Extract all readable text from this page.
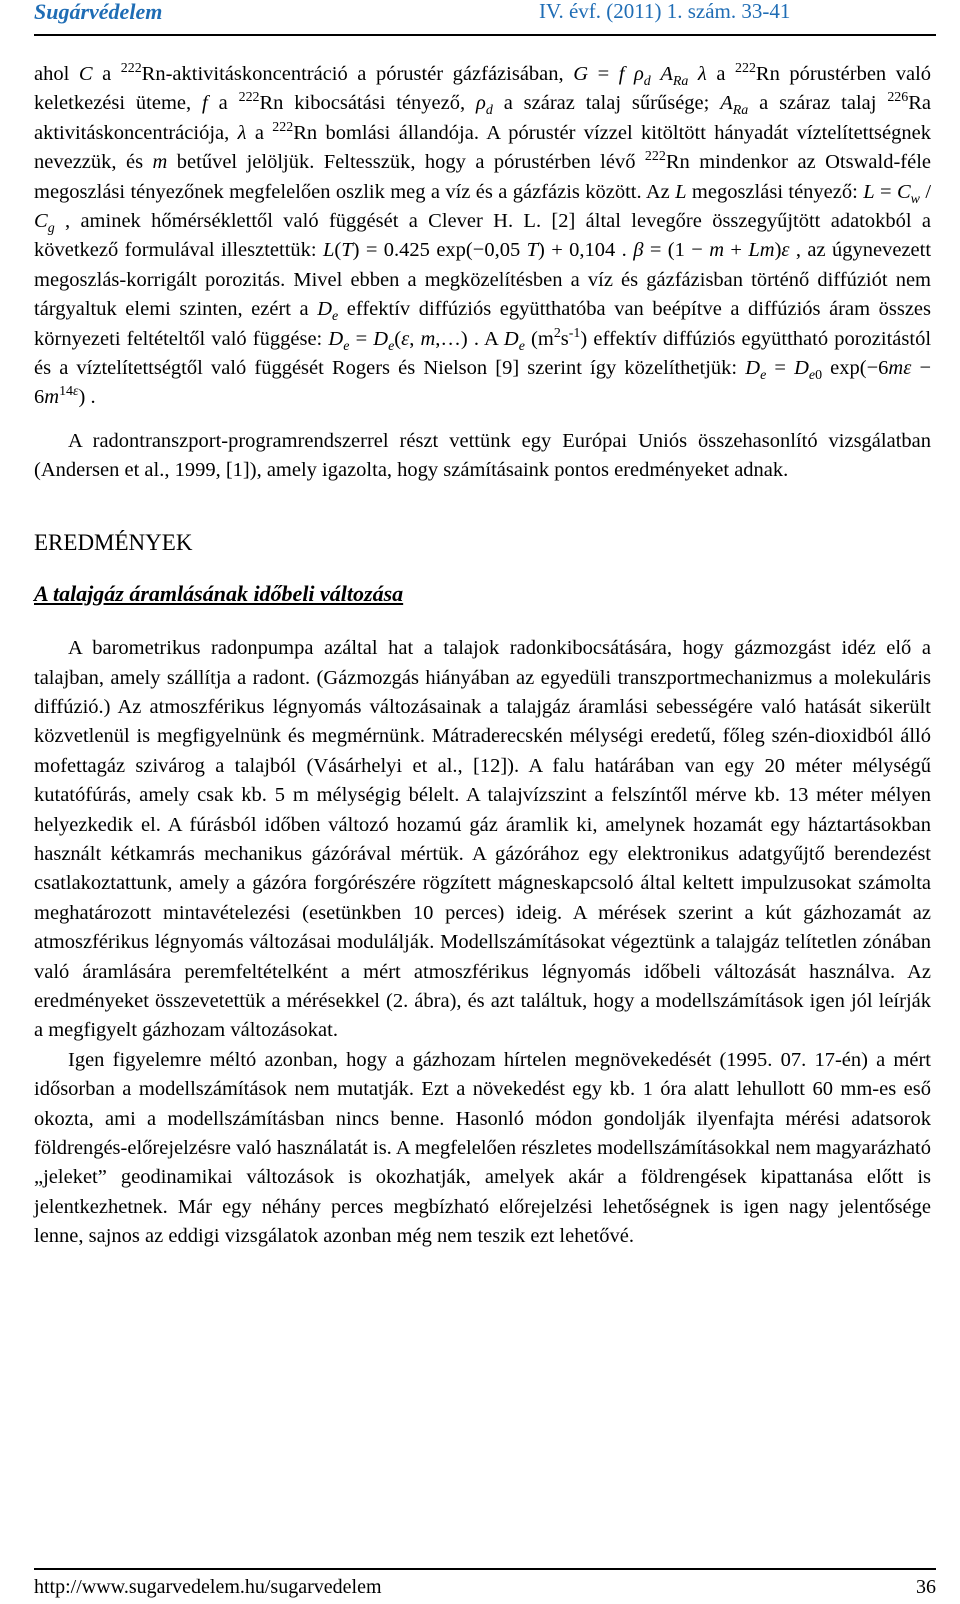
Sugárvédelem	IV. évf. (2011) 1. szám. 33-41

ahol C a $^{222}$Rn-aktivitáskoncentráció a pórustér gázfázisában, G = f $\rho_d$ $A_{Ra}$ λ a $^{222}$Rn pórustérben való keletkezési üteme, f a $^{222}$Rn kibocsátási tényező, $\rho_d$ a száraz talaj sűrűsége; $A_{Ra}$ a száraz talaj $^{226}$Ra aktivitáskoncentrációja, λ a $^{222}$Rn bomlási állandója. A pórustér vízzel kitöltött hányadát víztelítettségnek nevezzük, és m betűvel jelöljük. Feltesszük, hogy a pórustérben lévő $^{222}$Rn mindenkor az Otswald-féle megoszlási tényezőnek megfelelően oszlik meg a víz és a gázfázis között. Az L megoszlási tényező: $L = C_w / C_g$ , aminek hőmérséklettől való függését a Clever H. L. [2] által levegőre összegyűjtött adatokból a következő formulával illesztettük: L(T) = 0.425 exp(−0,05 T) + 0,104 . β = (1 − m + Lm)ε , az úgynevezett megoszlás-korrigált porozitás. Mivel ebben a megközelítésben a víz és gázfázisban történő diffúziót nem tárgyaltuk elemi szinten, ezért a $D_e$ effektív diffúziós együtthatóba van beépítve a diffúziós áram összes környezeti feltételtől való függése: $D_e = D_e(\varepsilon$, m,…) . A $D_e$ $(m^2s^{-1})$ effektív diffúziós együttható porozitástól és a víztelítettségtől való függését Rogers és Nielson [9] szerint így közelíthetjük: $D_e = D_{e0}$ $\exp(-6m\varepsilon - 6m^{14\varepsilon})$ .

A radontranszport-programrendszerrel részt vettünk egy Európai Uniós összehasonlító vizsgálatban (Andersen et al., 1999, [1]), amely igazolta, hogy számításaink pontos eredményeket adnak.

EREDMÉNYEK

A talajgáz áramlásának időbeli változása

A barometrikus radonpumpa azáltal hat a talajok radonkibocsátására, hogy gázmozgást idéz elő a talajban, amely szállítja a radont. (Gázmozgás hiányában az egyedüli transzportmechanizmus a molekuláris diffúzió.) Az atmoszférikus légnyomás változásainak a talajgáz áramlási sebességére való hatását sikerült közvetlenül is megfigyelnünk és megmérnünk. Mátraderecskén mélységi eredetű, főleg szén-dioxidból álló mofettagáz szivárog a talajból (Vásárhelyi et al., [12]). A falu határában van egy 20 méter mélységű kutatófúrás, amely csak kb. 5 m mélységig bélelt. A talajvízszint a felszíntől mérve kb. 13 méter mélyen helyezkedik el. A fúrásból időben változó hozamú gáz áramlik ki, amelynek hozamát egy háztartásokban használt kétkamrás mechanikus gázórával mértük. A gázórához egy elektronikus adatgyűjtő berendezést csatlakoztattunk, amely a gázóra forgórészére rögzített mágneskapcsoló által keltett impulzusokat számolta meghatározott mintavételezési (esetünkben 10 perces) ideig. A mérések szerint a kút gázhozamát az atmoszférikus légnyomás változásai modulálják. Modellszámításokat végeztünk a talajgáz telítetlen zónában való áramlására peremfeltételként a mért atmoszférikus légnyomás időbeli változását használva. Az eredményeket összevetettük a mérésekkel (2. ábra), és azt találtuk, hogy a modellszámítások igen jól leírják a megfigyelt gázhozam változásokat.

Igen figyelemre méltó azonban, hogy a gázhozam hírtelen megnövekedését (1995. 07. 17-én) a mért idősorban a modellszámítások nem mutatják. Ezt a növekedést egy kb. 1 óra alatt lehullott 60 mm-es eső okozta, ami a modellszámításban nincs benne. Hasonló módon gondolják ilyenfajta mérési adatsorok földrengés-előrejelzésre való használatát is. A megfelelően részletes modellszámításokkal nem magyarázható „jeleket” geodinamikai változások is okozhatják, amelyek akár a földrengések kipattanása előtt is jelentkezhetnek. Már egy néhány perces megbízható előrejelzési lehetőségnek is igen nagy jelentősége lenne, sajnos az eddigi vizsgálatok azonban még nem teszik ezt lehetővé.

http://www.sugarvedelem.hu/sugarvedelem	36
